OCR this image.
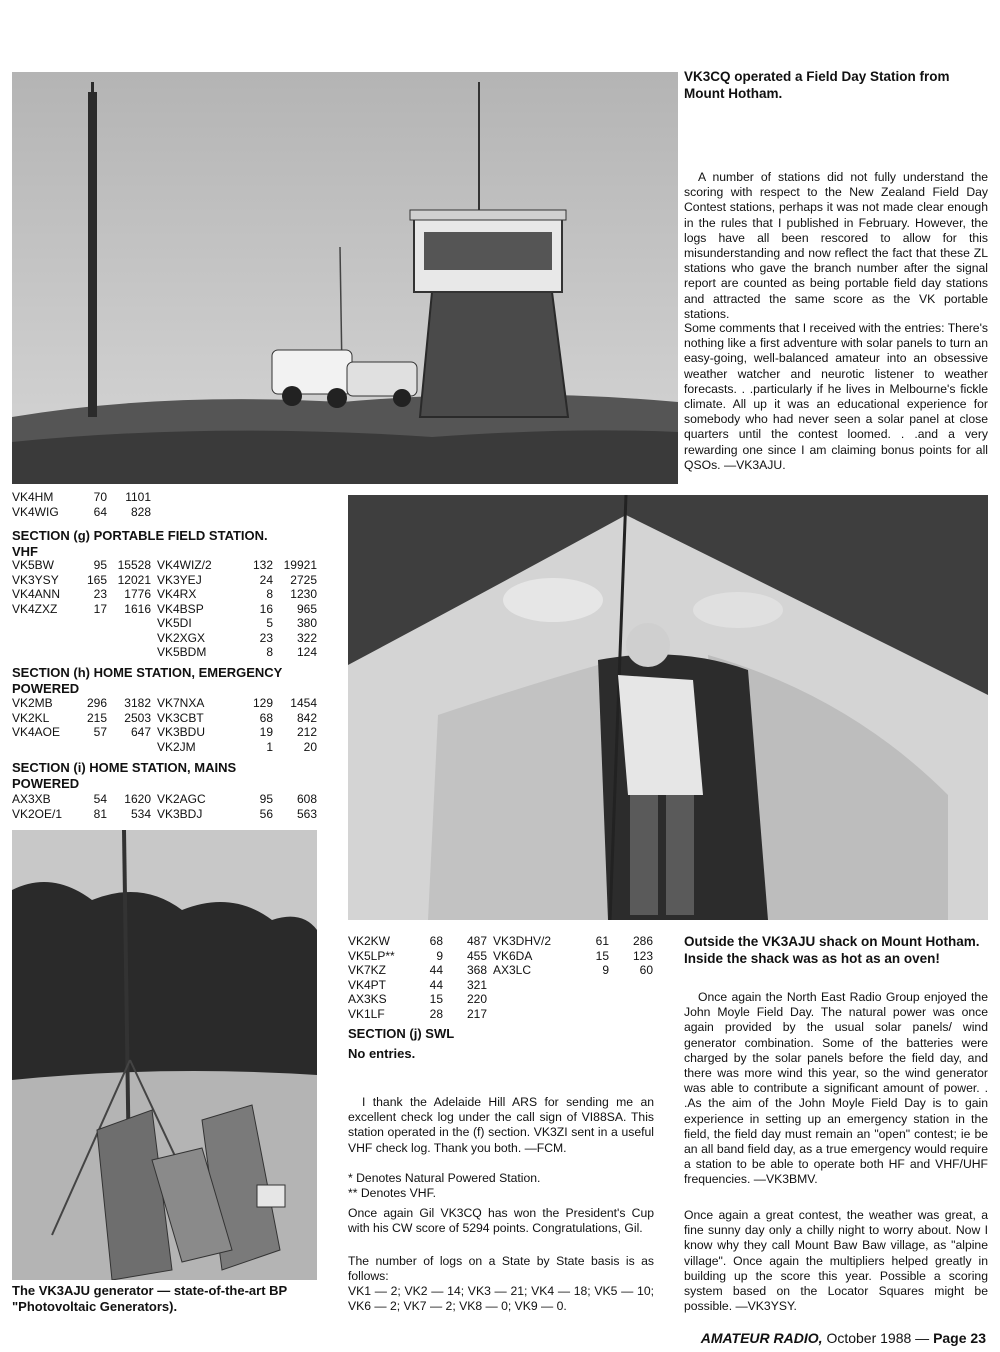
VK3CQ operated a Field Day Station from Mount Hotham.

A number of stations did not fully understand the scoring with respect to the New Zealand Field Day Contest stations, perhaps it was not made clear enough in the rules that I published in February. However, the logs have all been rescored to allow for this misunderstanding and now reflect the fact that these ZL stations who gave the branch number after the signal report are counted as being portable field day stations and attracted the same score as the VK portable stations.

Some comments that I received with the entries: There's nothing like a first adventure with solar panels to turn an easy-going, well-balanced amateur into an obsessive weather watcher and neurotic listener to weather forecasts. . .particularly if he lives in Melbourne's fickle climate. All up it was an educational experience for somebody who had never seen a solar panel at close quarters until the contest loomed. . .and a very rewarding one since I am claiming bonus points for all QSOs. —VK3AJU.

VK4HM	70	1101
VK4WIG	64	828
SECTION (g) PORTABLE FIELD STATION.
VHF
VK5BW	95	15528	VK4WIZ/2	132	19921
VK3YSY	165	12021	VK3YEJ	24	2725
VK4ANN	23	1776	VK4RX	8	1230
VK4ZXZ	17	1616	VK4BSP	16	965
			VK5DI	5	380
			VK2XGX	23	322
			VK5BDM	8	124
SECTION (h) HOME STATION, EMERGENCY POWERED
VK2MB	296	3182	VK7NXA	129	1454
VK2KL	215	2503	VK3CBT	68	842
VK4AOE	57	647	VK3BDU	19	212
			VK2JM	1	20
SECTION (i) HOME STATION, MAINS POWERED
AX3XB	54	1620	VK2AGC	95	608
VK2OE/1	81	534	VK3BDJ	56	563
VK2KW	68	487	VK3DHV/2	61	286
VK5LP**	9	455	VK6DA	15	123
VK7KZ	44	368	AX3LC	9	60
VK4PT	44	321			
AX3KS	15	220			
VK1LF	28	217			
SECTION (j) SWL
No entries.

I thank the Adelaide Hill ARS for sending me an excellent check log under the call sign of VI88SA. This station operated in the (f) section. VK3ZI sent in a useful VHF check log. Thank you both. —FCM.

* Denotes Natural Powered Station.
** Denotes VHF.

Once again Gil VK3CQ has won the President's Cup with his CW score of 5294 points. Congratulations, Gil.

The number of logs on a State by State basis is as follows:

VK1 — 2; VK2 — 14; VK3 — 21; VK4 — 18; VK5 — 10; VK6 — 2; VK7 — 2; VK8 — 0; VK9 — 0.

Outside the VK3AJU shack on Mount Hotham. Inside the shack was as hot as an oven!

Once again the North East Radio Group enjoyed the John Moyle Field Day. The natural power was once again provided by the usual solar panels/ wind generator combination. Some of the batteries were charged by the solar panels before the field day, and there was more wind this year, so the wind generator was able to contribute a significant amount of power. . .As the aim of the John Moyle Field Day is to gain experience in setting up an emergency station in the field, the field day must remain an "open" contest; ie be an all band field day, as a true emergency would require a station to be able to operate both HF and VHF/UHF frequencies. —VK3BMV.

Once again a great contest, the weather was great, a fine sunny day only a chilly night to worry about. Now I know why they call Mount Baw Baw village, as "alpine village". Once again the multipliers helped greatly in building up the score this year. Possible a scoring system based on the Locator Squares might be possible. —VK3YSY.

The VK3AJU generator — state-of-the-art BP "Photovoltaic Generators).
AMATEUR RADIO, October 1988 — Page 23
